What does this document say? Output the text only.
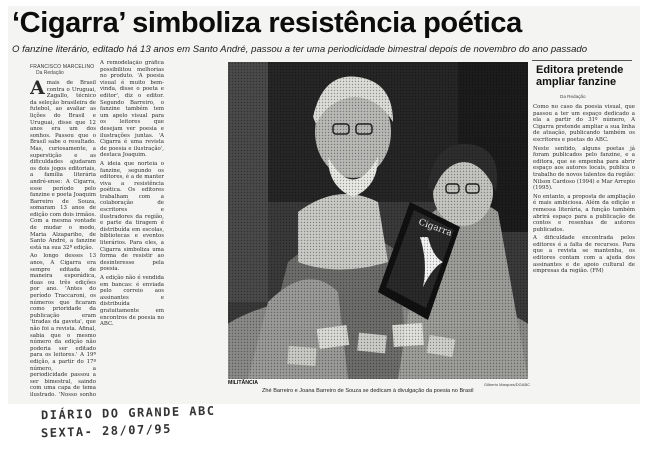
‘Cigarra’ simboliza resistência poética
O fanzine literário, editado há 13 anos em Santo André, passou a ter uma periodicidade bimestral depois de novembro do ano passado
FRANCISCO MARCELINO
Da Redação
A mais de Brasil contra o Uruguai, Zagallo, técnico da seleção brasileira de futebol, ao avaliar as lições do Brasil e Uruguai, disse que 12 anos era um dos sonhos. Passou que o Brasil sabe o resultado. Mas, curiosamente, a superstição e as dificuldades ajudaram os dois jogos editoriais, a família literária andré-ense: A Cigarra, esse período pelo fanzine e poeta Joaquim Barreiro de Souza, somaram 13 anos de edição com dois irmãos. Com a mesma vontade de mudar o modo, Maria Alzaparibo, de Santo André, a fanzine está na sua 32ª edição.

Ao longo desses 13 anos, A Cigarra era sempre editada de maneira esporádica, duas ou três edições por ano. 'Antes do período Traccaroni, os números que ficaram como prioridade da publicação eram 'tiradas da gaveta', que não foi a revista. Afinal, sabia que o mesmo número da edição não poderia ser editado para os leitores.' A 19ª edição, a partir do 17º número, a periodicidade passou a ser bimestral, saindo com uma capa de tema ilustrado. 'Nosso sonho

A remodelação gráfica possibilitou melhorias no produto. 'A poesia visual é muito bem-vinda, disse o poeta e editor', diz o editor. Segundo Barreiro, o fanzine também tem um apelo visual para os leitores que desejam ver poesia e ilustrações juntas. 'A Cigarra é uma revista de poesia e ilustração', destaca Joaquim.

A ideia que norteia o fanzine, segundo os editores, é a de manter viva a resistência poética. Os editores trabalham com a colaboração de escritores e ilustradores da região, e parte da tiragem é distribuída em escolas, bibliotecas e eventos literários. Para eles, a Cigarra simboliza uma forma de resistir ao desinteresse pela poesia.

A edição não é vendida em bancas: é enviada pelo correio aos assinantes e distribuída gratuitamente em encontros de poesia no ABC.

MILITÂNCIA	Gilberto Marques/DGABC
Zhé Barreiro e Joana Barreiro de Souza se dedicam à divulgação da poesia no Brasil
Editora pretende ampliar fanzine
Da Redação

Como no caso da poesia visual, que passou a ter um espaço dedicado a ela a partir do 31º número, A Cigarra pretende ampliar a sua linha de atuação, publicando também os escritores e poetas do ABC.

Neste sentido, alguns poetas já foram publicados pelo fanzine, e a editora, que se empenha para abrir espaço aos autores locais, publica o trabalho de novos talentos da região: Nilson Cardoso (1994) e Mar Arrepio (1995).

No entanto, a proposta de ampliação é mais ambiciosa. Além da edição e remessa literária, a função também abrirá espaço para a publicação de contos e resenhas de autores publicados.

A dificuldade encontrada pelos editores é a falta de recursos. Para que a revista se mantenha, os editores contam com a ajuda dos assinantes e de apoio cultural de empresas da região. (FM)

DIÁRIO DO GRANDE ABC
SEXTA- 28/07/95
